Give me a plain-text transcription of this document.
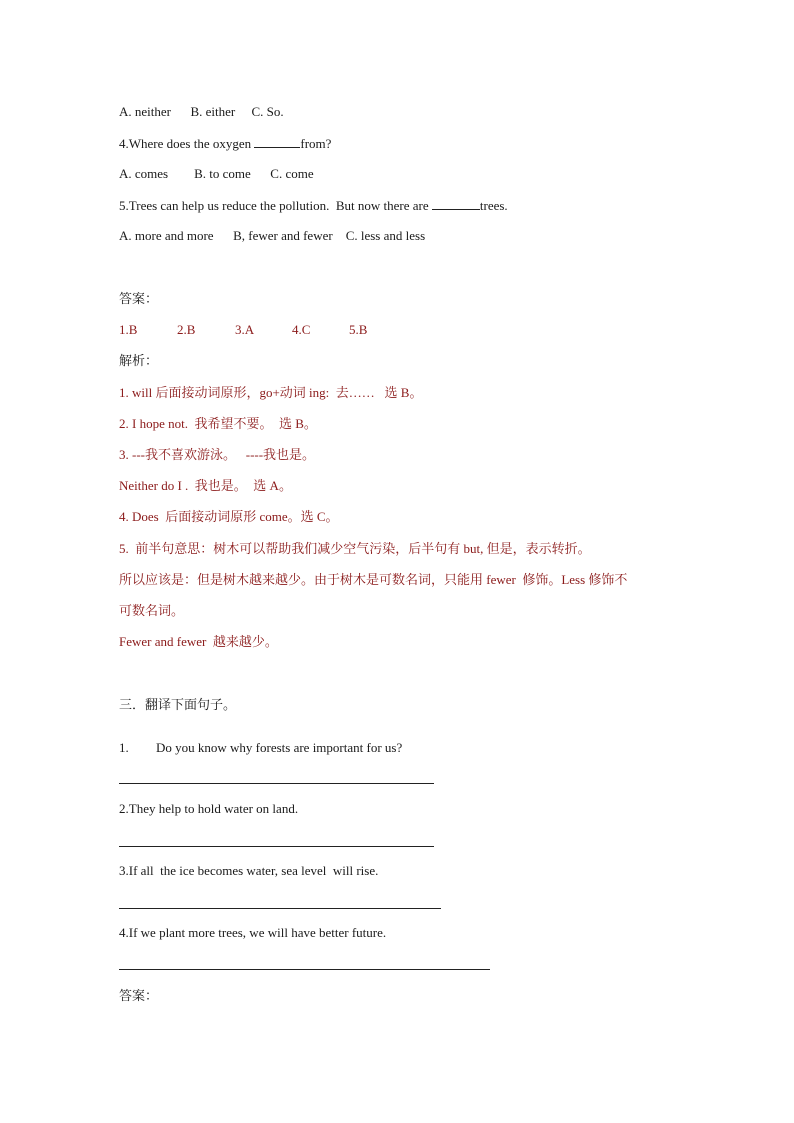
A. neither      B. either     C. So.
4.Where does the oxygen	from?
A. comes        B. to come      C. come
5.Trees can help us reduce the pollution.  But now there are	trees.
A. more and more      B, fewer and fewer    C. less and less
答案：
1.B	2.B	3.A	4.C	5.B
解析：
1. will 后面接动词原形，go+动词 ing:  去……   选 B。
2. I hope not.  我希望不要。  选 B。
3. ---我不喜欢游泳。   ----我也是。
Neither do I .  我也是。  选 A。
4. Does  后面接动词原形 come。选 C。
5.  前半句意思：树木可以帮助我们减少空气污染，后半句有 but, 但是，表示转折。
所以应该是：但是树木越来越少。由于树木是可数名词，只能用 fewer  修饰。Less 修饰不
可数名词。
Fewer and fewer  越来越少。
三．翻译下面句子。
1. Do you know why forests are important for us?
2.They help to hold water on land.
3.If all  the ice becomes water, sea level  will rise.
4.If we plant more trees, we will have better future.
答案：
